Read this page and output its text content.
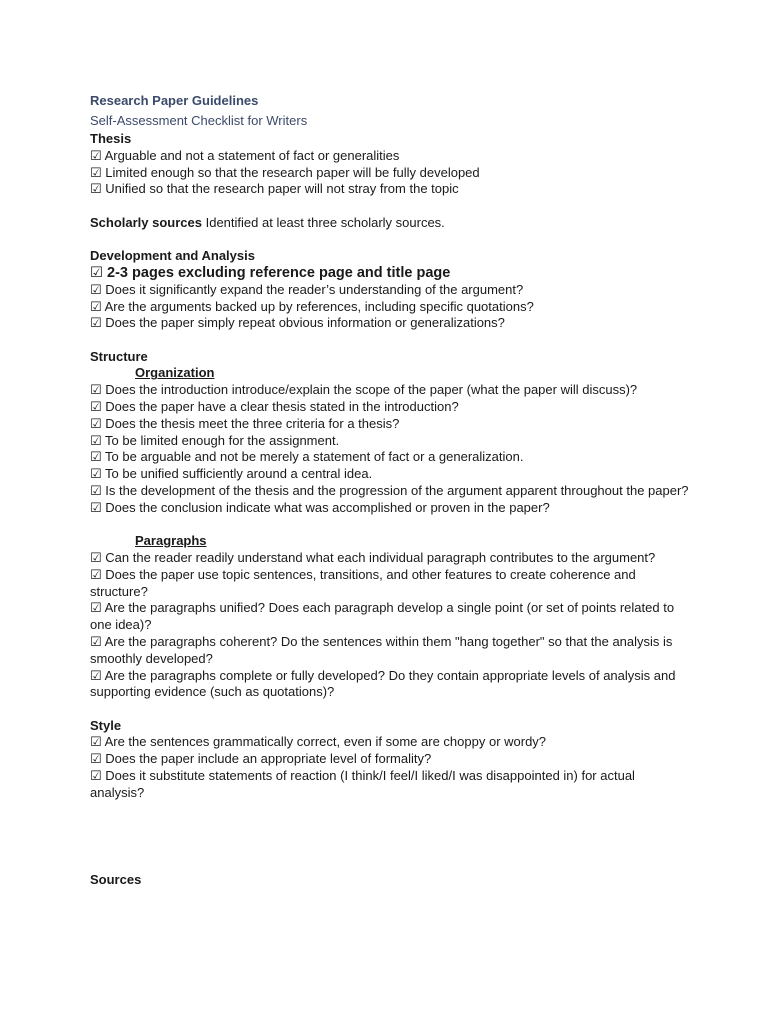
Research Paper Guidelines
Self-Assessment Checklist for Writers
Thesis
☑ Arguable and not a statement of fact or generalities
☑ Limited enough so that the research paper will be fully developed
☑ Unified so that the research paper will not stray from the topic
Scholarly sources Identified at least three scholarly sources.
Development and Analysis
☑ 2-3 pages excluding reference page and title page
☑ Does it significantly expand the reader’s understanding of the argument?
☑ Are the arguments backed up by references, including specific quotations?
☑ Does the paper simply repeat obvious information or generalizations?
Structure
Organization
☑ Does the introduction introduce/explain the scope of the paper (what the paper will discuss)?
☑ Does the paper have a clear thesis stated in the introduction?
☑ Does the thesis meet the three criteria for a thesis?
☑ To be limited enough for the assignment.
☑ To be arguable and not be merely a statement of fact or a generalization.
☑ To be unified sufficiently around a central idea.
☑ Is the development of the thesis and the progression of the argument apparent throughout the paper?
☑ Does the conclusion indicate what was accomplished or proven in the paper?
Paragraphs
☑ Can the reader readily understand what each individual paragraph contributes to the argument?
☑ Does the paper use topic sentences, transitions, and other features to create coherence and structure?
☑ Are the paragraphs unified? Does each paragraph develop a single point (or set of points related to one idea)?
☑ Are the paragraphs coherent? Do the sentences within them "hang together" so that the analysis is smoothly developed?
☑ Are the paragraphs complete or fully developed? Do they contain appropriate levels of analysis and supporting evidence (such as quotations)?
Style
☑ Are the sentences grammatically correct, even if some are choppy or wordy?
☑ Does the paper include an appropriate level of formality?
☑ Does it substitute statements of reaction (I think/I feel/I liked/I was disappointed in) for actual analysis?
Sources
